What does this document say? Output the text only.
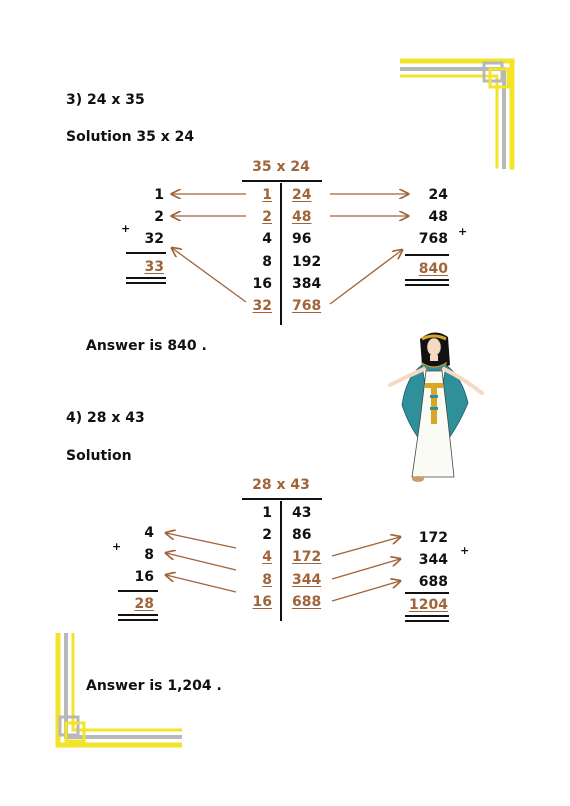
3) 24 x 35
Solution 35 x 24
35 x 24
1
2
4
8
16
32
24
48
96
192
384
768
1
2
+
32
33
24
48
768 +
840
Answer is 840 .
4) 28 x 43
Solution
28 x 43
1
2
4
8
16
43
86
172
344
688
4
+
8
16
28
172
+
344
688
1204
Answer is 1,204 .
